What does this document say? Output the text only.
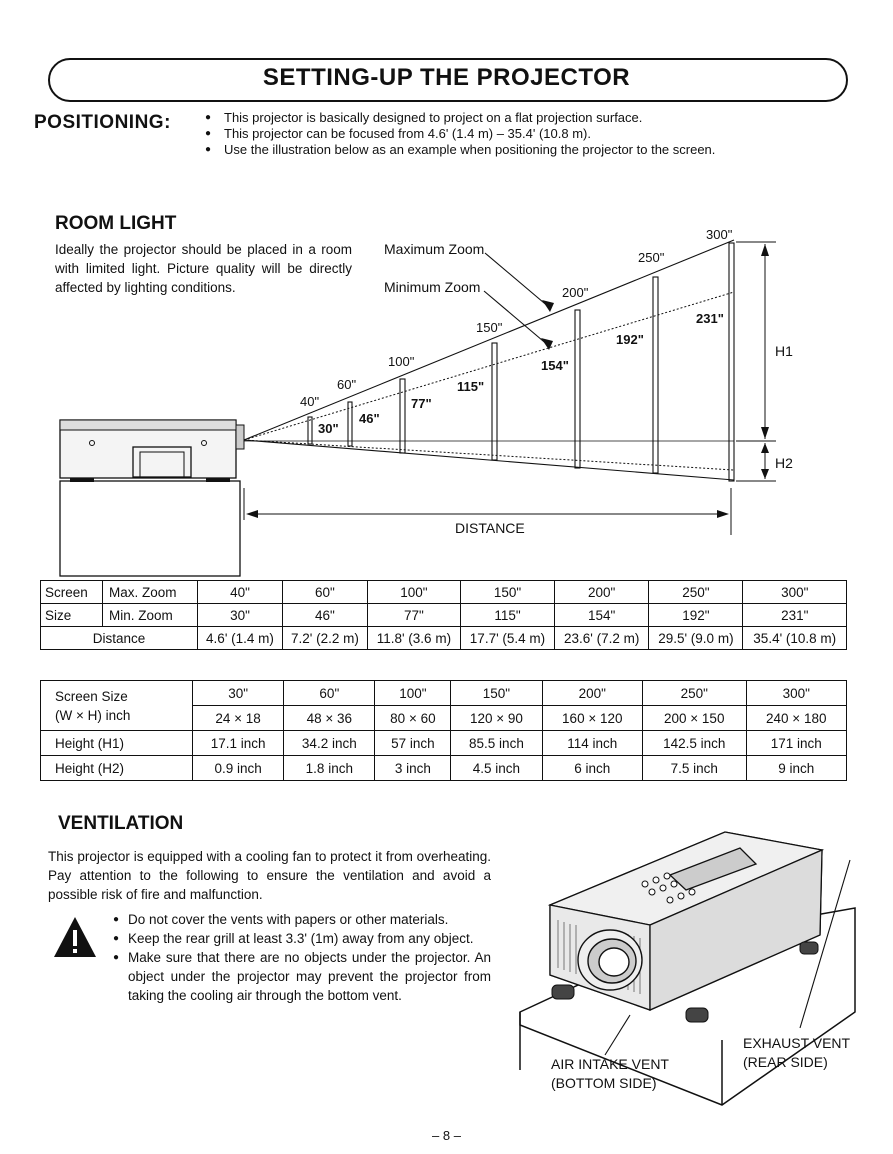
SETTING-UP THE PROJECTOR
POSITIONING:	● This projector is basically designed to project on a flat projection surface.
● This projector can be focused from 4.6' (1.4 m) – 35.4' (10.8 m).
● Use the illustration below as an example when positioning the projector to the screen.
ROOM LIGHT
Ideally the projector should be placed in a room with limited light. Picture quality will be directly affected by lighting conditions.
40"
60"
100"
150"
200"
250"
300"
30"
46"
77"
115"
154"
192"
231"
Maximum Zoom
Minimum Zoom
H1
H2
DISTANCE
Screen	Max. Zoom	40"	60"	100"	150"	200"	250"	300"
Size	Min. Zoom	30"	46"	77"	115"	154"	192"	231"
Distance		4.6' (1.4 m)	7.2' (2.2 m)	11.8' (3.6 m)	17.7' (5.4 m)	23.6' (7.2 m)	29.5' (9.0 m)	35.4' (10.8 m)
Screen Size
(W × H) inch	30"	60"	100"	150"	200"	250"	300"
	24 × 18	48 × 36	80 × 60	120 × 90	160 × 120	200 × 150	240 × 180
Height (H1)	17.1 inch	34.2 inch	57 inch	85.5 inch	114 inch	142.5 inch	171 inch
Height (H2)	0.9 inch	1.8 inch	3 inch	4.5 inch	6 inch	7.5 inch	9 inch
VENTILATION
This projector is equipped with a cooling fan to protect it from overheating. Pay attention to the following to ensure the ventilation and avoid a possible risk of fire and malfunction.
● Do not cover the vents with papers or other materials.
● Keep the rear grill at least 3.3' (1m) away from any object.
● Make sure that there are no objects under the projector. An object under the projector may prevent the projector from taking the cooling air through the bottom vent.
AIR INTAKE VENT
(BOTTOM SIDE)
EXHAUST VENT
(REAR SIDE)
– 8 –
